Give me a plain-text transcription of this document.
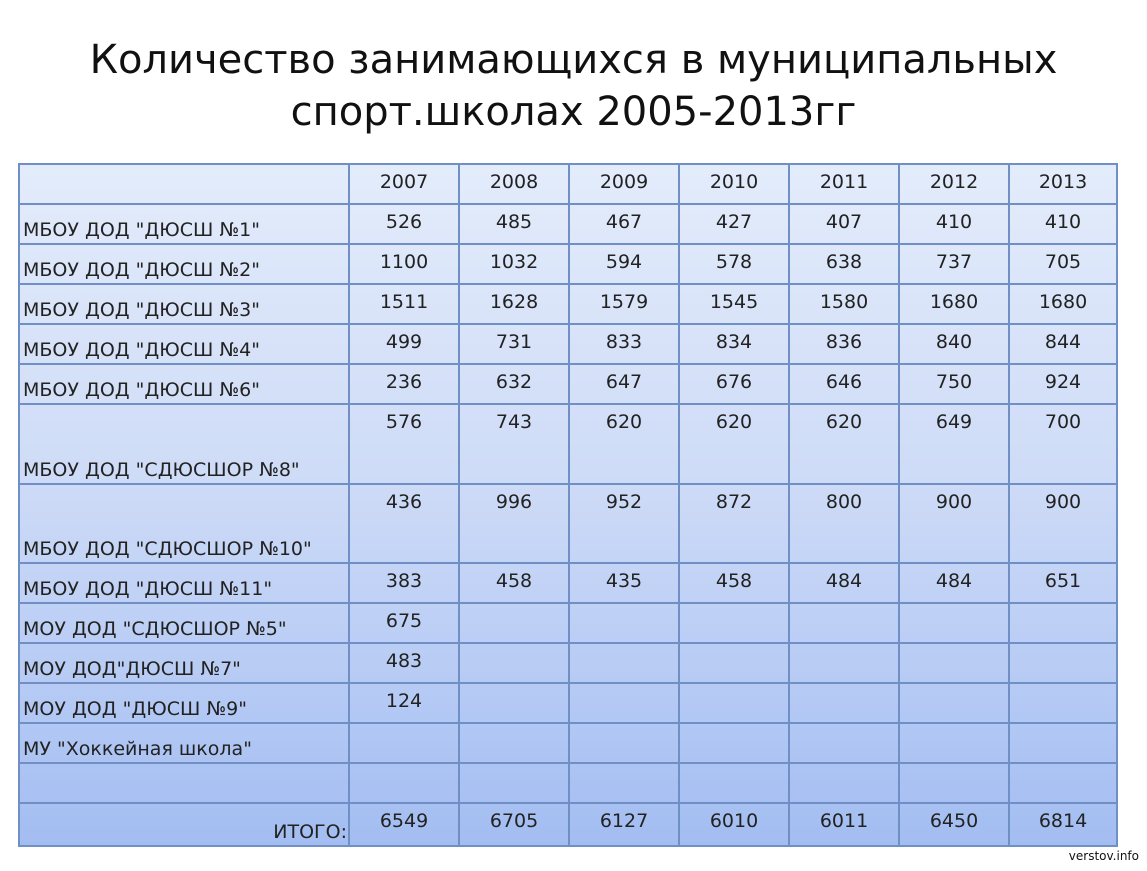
Количество занимающихся в муниципальных
спорт.школах 2005-2013гг
	2007	2008	2009	2010	2011	2012	2013
МБОУ ДОД "ДЮСШ №1"	526	485	467	427	407	410	410
МБОУ ДОД "ДЮСШ №2"	1100	1032	594	578	638	737	705
МБОУ ДОД "ДЮСШ №3"	1511	1628	1579	1545	1580	1680	1680
МБОУ ДОД "ДЮСШ №4"	499	731	833	834	836	840	844
МБОУ ДОД "ДЮСШ №6"	236	632	647	676	646	750	924
МБОУ ДОД "СДЮСШОР №8"	576	743	620	620	620	649	700
МБОУ ДОД "СДЮСШОР №10"	436	996	952	872	800	900	900
МБОУ ДОД "ДЮСШ №11"	383	458	435	458	484	484	651
МОУ ДОД "СДЮСШОР №5"	675						
МОУ ДОД"ДЮСШ №7"	483						
МОУ ДОД "ДЮСШ №9"	124						
МУ "Хоккейная школа"							

ИТОГО:	6549	6705	6127	6010	6011	6450	6814
verstov.info
